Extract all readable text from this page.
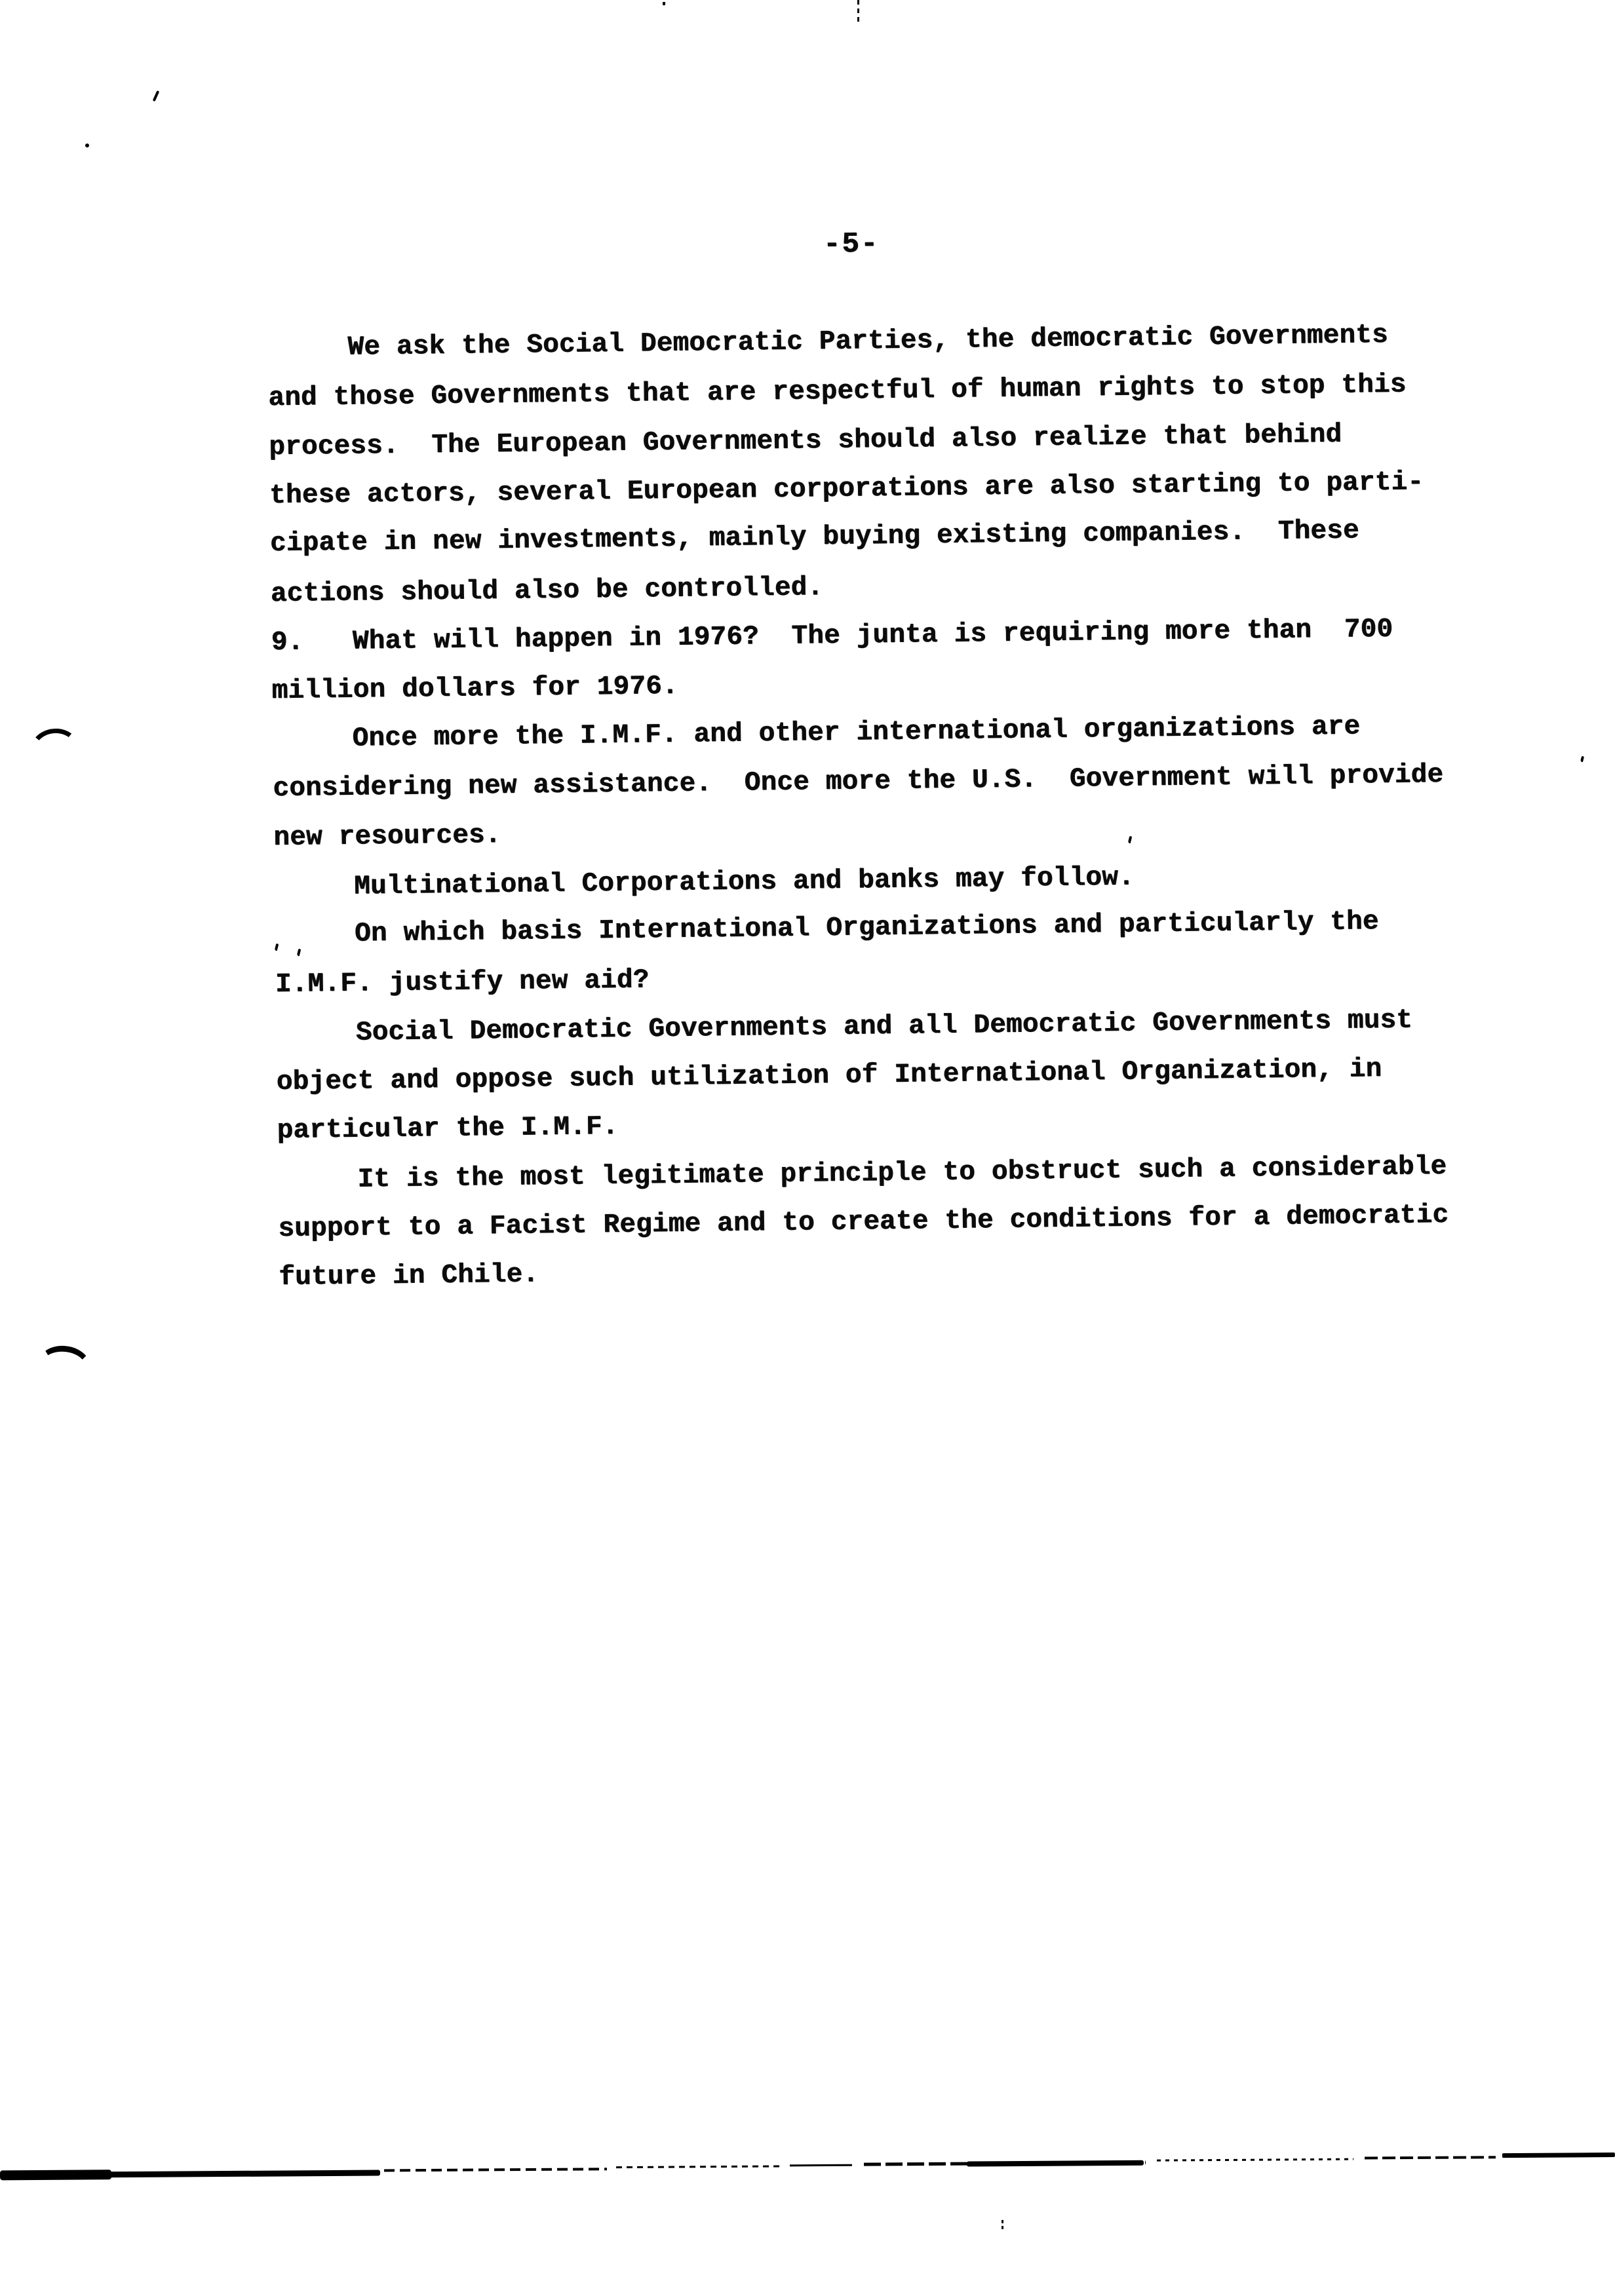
-5-
We ask the Social Democratic Parties, the democratic Governments
and those Governments that are respectful of human rights to stop this
process.  The European Governments should also realize that behind
these actors, several European corporations are also starting to parti-
cipate in new investments, mainly buying existing companies.  These
actions should also be controlled.
9.   What will happen in 1976?  The junta is requiring more than  700
million dollars for 1976.
Once more the I.M.F. and other international organizations are
considering new assistance.  Once more the U.S.  Government will provide
new resources.
Multinational Corporations and banks may follow.
On which basis International Organizations and particularly the
I.M.F. justify new aid?
Social Democratic Governments and all Democratic Governments must
object and oppose such utilization of International Organization, in
particular the I.M.F.
It is the most legitimate principle to obstruct such a considerable
support to a Facist Regime and to create the conditions for a democratic
future in Chile.
